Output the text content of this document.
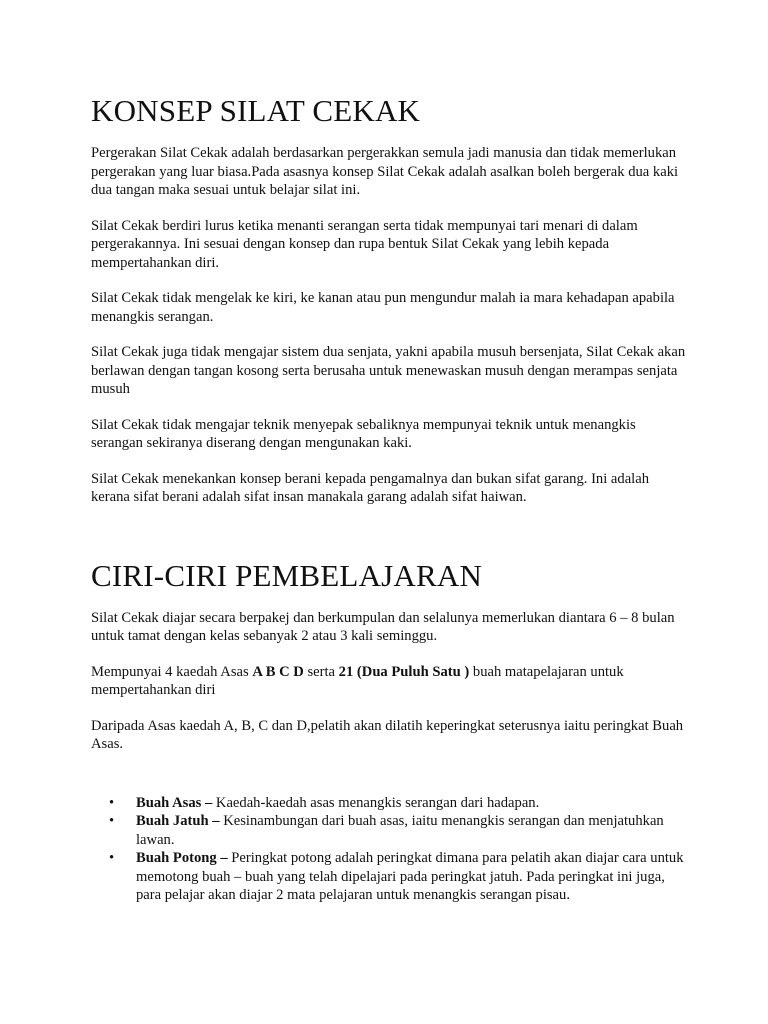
KONSEP SILAT CEKAK

Pergerakan Silat Cekak adalah berdasarkan pergerakkan semula jadi manusia dan tidak memerlukan pergerakan yang luar biasa.Pada asasnya konsep Silat Cekak adalah asalkan boleh bergerak dua kaki dua tangan maka sesuai untuk belajar silat ini.

Silat Cekak berdiri lurus ketika menanti serangan serta tidak mempunyai tari menari di dalam pergerakannya. Ini sesuai dengan konsep dan rupa bentuk Silat Cekak yang lebih kepada mempertahankan diri.

Silat Cekak tidak mengelak ke kiri, ke kanan atau pun mengundur malah ia mara kehadapan apabila menangkis serangan.

Silat Cekak juga tidak mengajar sistem dua senjata, yakni apabila musuh bersenjata, Silat Cekak akan berlawan dengan tangan kosong serta berusaha untuk menewaskan musuh dengan merampas senjata musuh

Silat Cekak tidak mengajar teknik menyepak sebaliknya mempunyai teknik untuk menangkis serangan sekiranya diserang dengan mengunakan kaki.

Silat Cekak menekankan konsep berani kepada pengamalnya dan bukan sifat garang. Ini adalah kerana sifat berani adalah sifat insan manakala garang adalah sifat haiwan.

CIRI-CIRI PEMBELAJARAN

Silat Cekak diajar secara berpakej dan berkumpulan dan selalunya memerlukan diantara 6 – 8 bulan untuk tamat dengan kelas sebanyak 2 atau 3 kali seminggu.

Mempunyai 4 kaedah Asas A B C D serta 21 (Dua Puluh Satu ) buah matapelajaran untuk mempertahankan diri

Daripada Asas kaedah A, B, C dan D,pelatih akan dilatih keperingkat seterusnya iaitu peringkat Buah Asas.

• Buah Asas – Kaedah-kaedah asas menangkis serangan dari hadapan.
• Buah Jatuh – Kesinambungan dari buah asas, iaitu menangkis serangan dan menjatuhkan lawan.
• Buah Potong – Peringkat potong adalah peringkat dimana para pelatih akan diajar cara untuk memotong buah – buah yang telah dipelajari pada peringkat jatuh. Pada peringkat ini juga, para pelajar akan diajar 2 mata pelajaran untuk menangkis serangan pisau.
